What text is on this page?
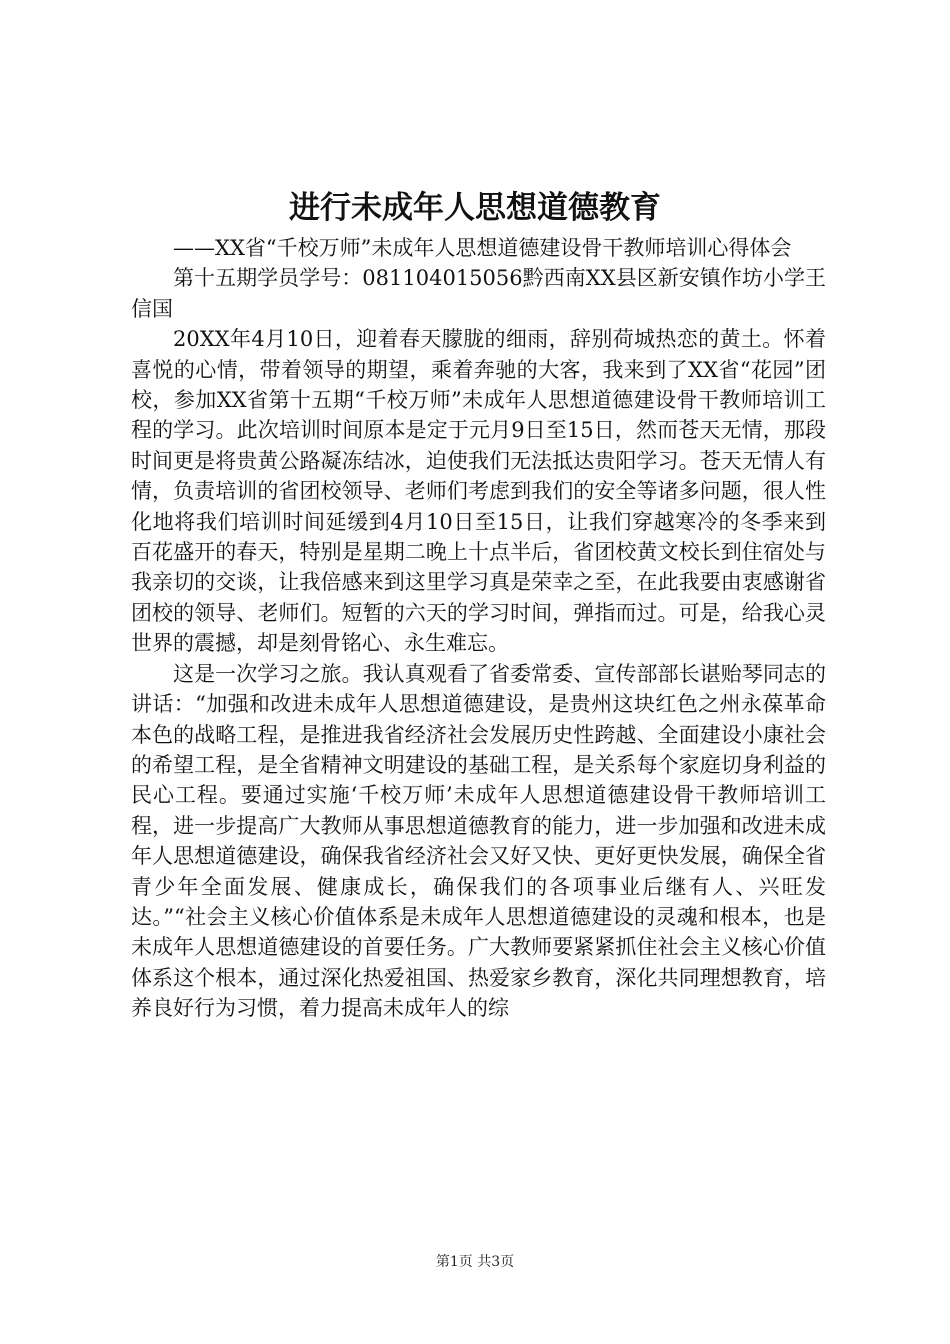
进行未成年人思想道德教育

——XX省“千校万师”未成年人思想道德建设骨干教师培训心得体会

第十五期学员学号：081104015056黔西南XX县区新安镇作坊小学王信国

20XX年4月10日，迎着春天朦胧的细雨，辞别荷城热恋的黄土。怀着喜悦的心情，带着领导的期望，乘着奔驰的大客，我来到了XX省“花园”团校，参加XX省第十五期“千校万师”未成年人思想道德建设骨干教师培训工程的学习。此次培训时间原本是定于元月9日至15日，然而苍天无情，那段时间更是将贵黄公路凝冻结冰，迫使我们无法抵达贵阳学习。苍天无情人有情，负责培训的省团校领导、老师们考虑到我们的安全等诸多问题，很人性化地将我们培训时间延缓到4月10日至15日，让我们穿越寒冷的冬季来到百花盛开的春天，特别是星期二晚上十点半后，省团校黄文校长到住宿处与我亲切的交谈，让我倍感来到这里学习真是荣幸之至，在此我要由衷感谢省团校的领导、老师们。短暂的六天的学习时间，弹指而过。可是，给我心灵世界的震撼，却是刻骨铭心、永生难忘。

这是一次学习之旅。我认真观看了省委常委、宣传部部长谌贻琴同志的讲话：“加强和改进未成年人思想道德建设，是贵州这块红色之州永葆革命本色的战略工程，是推进我省经济社会发展历史性跨越、全面建设小康社会的希望工程，是全省精神文明建设的基础工程，是关系每个家庭切身利益的民心工程。要通过实施‘千校万师’未成年人思想道德建设骨干教师培训工程，进一步提高广大教师从事思想道德教育的能力，进一步加强和改进未成年人思想道德建设，确保我省经济社会又好又快、更好更快发展，确保全省青少年全面发展、健康成长，确保我们的各项事业后继有人、兴旺发达。”“社会主义核心价值体系是未成年人思想道德建设的灵魂和根本，也是未成年人思想道德建设的首要任务。广大教师要紧紧抓住社会主义核心价值体系这个根本，通过深化热爱祖国、热爱家乡教育，深化共同理想教育，培养良好行为习惯，着力提高未成年人的综

第1页 共3页
